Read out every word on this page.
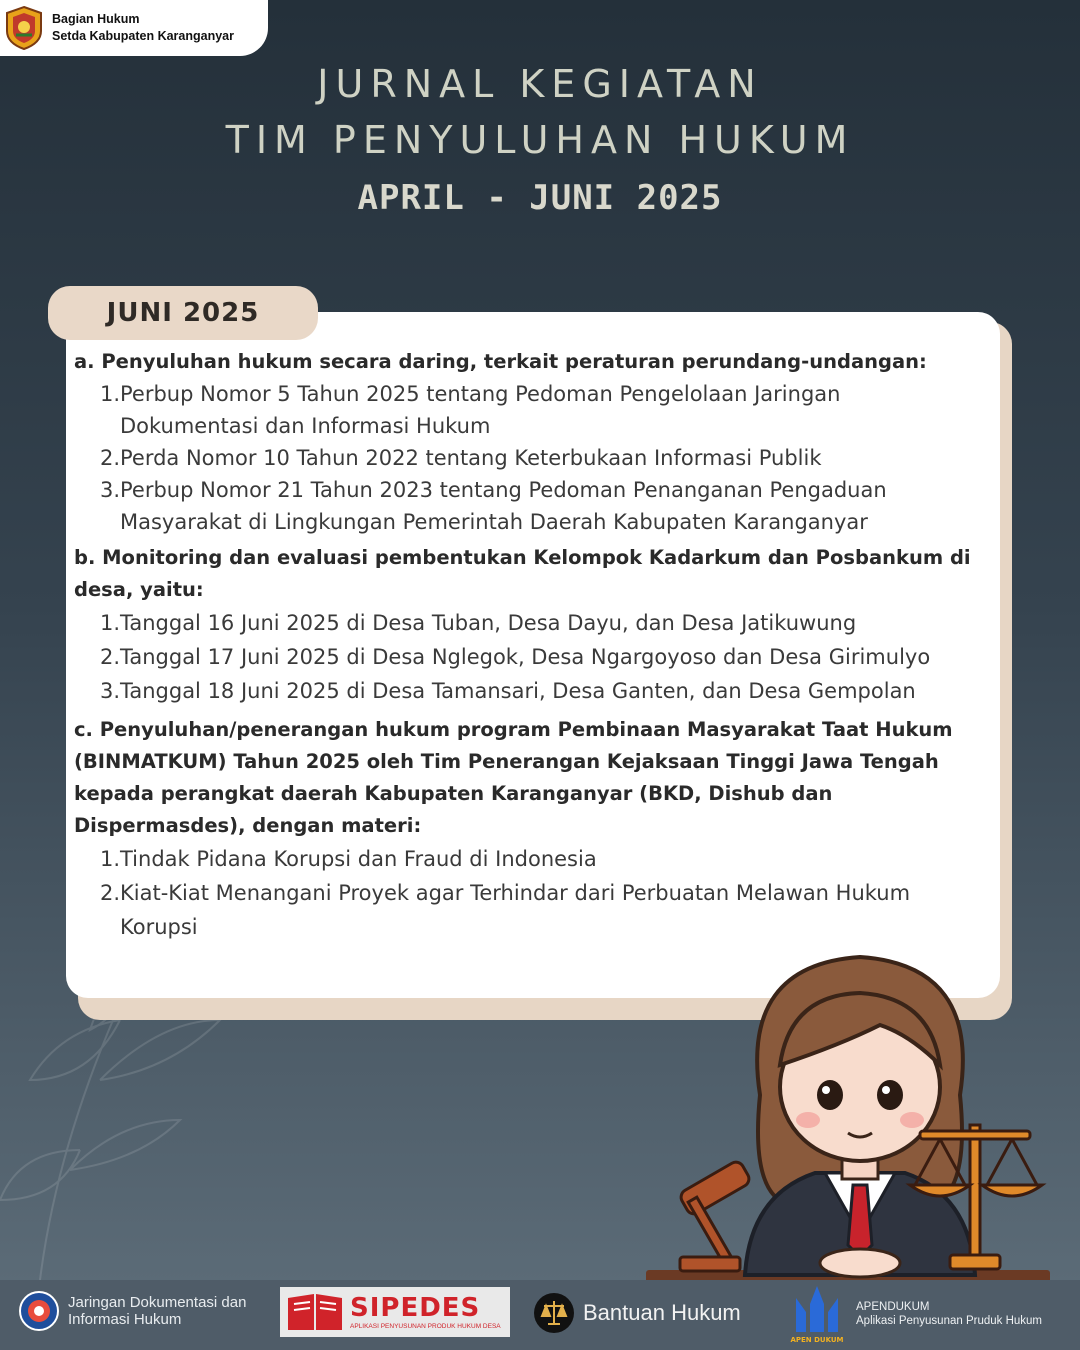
Bagian Hukum
Setda Kabupaten Karanganyar
JURNAL KEGIATAN
TIM PENYULUHAN HUKUM
APRIL - JUNI 2025
JUNI 2025
a. Penyuluhan hukum secara daring, terkait peraturan perundang-undangan:
1. Perbup Nomor 5 Tahun 2025 tentang Pedoman Pengelolaan Jaringan Dokumentasi dan Informasi Hukum
2. Perda Nomor 10 Tahun 2022 tentang Keterbukaan Informasi Publik
3. Perbup Nomor 21 Tahun 2023 tentang Pedoman Penanganan Pengaduan Masyarakat di Lingkungan Pemerintah Daerah Kabupaten Karanganyar
b. Monitoring dan evaluasi pembentukan Kelompok Kadarkum dan Posbankum di desa, yaitu:
1. Tanggal 16 Juni 2025 di Desa Tuban, Desa Dayu, dan Desa Jatikuwung
2. Tanggal 17 Juni 2025 di Desa Nglegok, Desa Ngargoyoso dan Desa Girimulyo
3. Tanggal 18 Juni 2025 di Desa Tamansari, Desa Ganten, dan Desa Gempolan
c. Penyuluhan/penerangan hukum program Pembinaan Masyarakat Taat Hukum (BINMATKUM) Tahun 2025 oleh Tim Penerangan Kejaksaan Tinggi Jawa Tengah kepada perangkat daerah Kabupaten Karanganyar (BKD, Dishub dan Dispermasdes), dengan materi:
1. Tindak Pidana Korupsi dan Fraud di Indonesia
2. Kiat-Kiat Menangani Proyek agar Terhindar dari Perbuatan Melawan Hukum Korupsi
Jaringan Dokumentasi dan Informasi Hukum	SIPEDES
APLIKASI PENYUSUNAN PRODUK HUKUM DESA
Bantuan Hukum
APEN DUKUM
APENDUKUM
Aplikasi Penyusunan Pruduk Hukum
